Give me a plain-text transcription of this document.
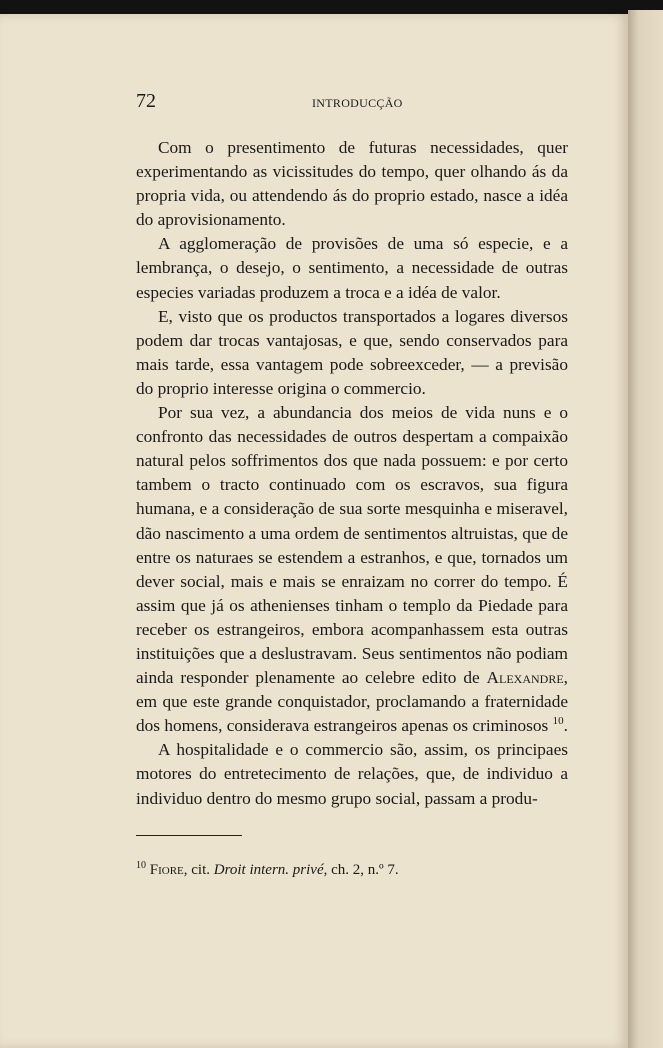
72	INTRODUCÇÃO

Com o presentimento de futuras necessidades, quer experimentando as vicissitudes do tempo, quer olhando ás da propria vida, ou attendendo ás do proprio estado, nasce a idéa do aprovisionamento.

A agglomeração de provisões de uma só especie, e a lembrança, o desejo, o sentimento, a necessidade de outras especies variadas produzem a troca e a idéa de valor.

E, visto que os productos transportados a logares diversos podem dar trocas vantajosas, e que, sendo conservados para mais tarde, essa vantagem pode sobreexceder, — a previsão do proprio interesse origina o commercio.

Por sua vez, a abundancia dos meios de vida nuns e o confronto das necessidades de outros despertam a compaixão natural pelos soffrimentos dos que nada possuem: e por certo tambem o tracto continuado com os escravos, sua figura humana, e a consideração de sua sorte mesquinha e miseravel, dão nascimento a uma ordem de sentimentos altruistas, que de entre os naturaes se estendem a estranhos, e que, tornados um dever social, mais e mais se enraizam no correr do tempo. É assim que já os athenienses tinham o templo da Piedade para receber os estrangeiros, embora acompanhassem esta outras instituições que a deslustravam. Seus sentimentos não podiam ainda responder plenamente ao celebre edito de Alexandre, em que este grande conquistador, proclamando a fraternidade dos homens, considerava estrangeiros apenas os criminosos $^{10}$.

A hospitalidade e o commercio são, assim, os principaes motores do entretecimento de relações, que, de individuo a individuo dentro do mesmo grupo social, passam a produ-

$^{10}$ Fiore, cit. Droit intern. privé, ch. 2, n.º 7.
